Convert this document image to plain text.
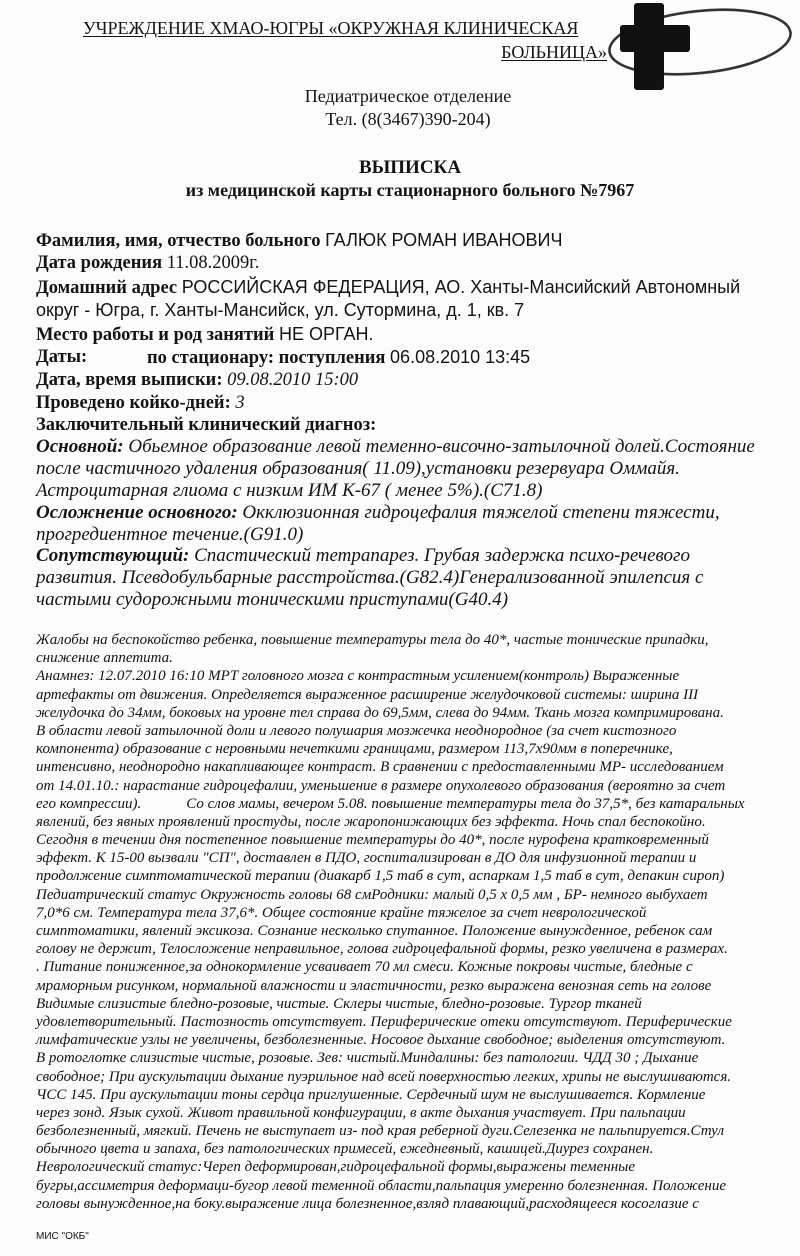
УЧРЕЖДЕНИЕ ХМАО-ЮГРЫ «ОКРУЖНАЯ КЛИНИЧЕСКАЯ
БОЛЬНИЦА»
Педиатрическое отделение
Тел. (8(3467)390-204)
ВЫПИСКА
из медицинской карты стационарного больного №7967
Фамилия, имя, отчество больного ГАЛЮК РОМАН ИВАНОВИЧ
Дата рождения 11.08.2009г.
Домашний адрес РОССИЙСКАЯ ФЕДЕРАЦИЯ, АО. Ханты-Мансийский Автономный
округ - Югра, г. Ханты-Мансийск, ул. Сутормина, д. 1, кв. 7
Место работы и род занятий НЕ ОРГАН.
Даты:	по стационару: поступления 06.08.2010 13:45
Дата, время выписки: 09.08.2010 15:00
Проведено койко-дней: 3
Заключительный клинический диагноз:
Основной: Обьемное образование левой теменно-височно-затылочной долей.Состояние
после частичного удаления образования( 11.09),установки резервуара Оммайя.
Астроцитарная глиома с низким ИМ К-67 ( менее 5%).(C71.8)
Осложнение основного: Окклюзионная гидроцефалия тяжелой степени тяжести,
прогредиентное течение.(G91.0)
Сопутствующий: Спастический тетрапарез. Грубая задержка психо-речевого
развития. Псевдобульбарные расстройства.(G82.4)Генерализованной эпилепсия с
частыми судорожными тоническими приступами(G40.4)
Жалобы на беспокойство ребенка, повышение температуры тела до 40*, частые тонические припадки,
снижение аппетита.
Анамнез: 12.07.2010 16:10 МРТ головного мозга с контрастным усилением(контроль) Выраженные
артефакты от движения. Определяется выраженное расширение желудочковой системы: ширина III
желудочка до 34мм, боковых на уровне тел справа до 69,5мм, слева до 94мм. Ткань мозга компримирована.
В области левой затылочной доли и левого полушария мозжечка неоднородное (за счет кистозного
компонента) образование с неровными нечеткими границами, размером 113,7x90мм в поперечнике,
интенсивно, неоднородно накапливающее контраст. В сравнении с предоставленными МР- исследованием
от 14.01.10.: нарастание гидроцефалии, уменьшение в размере опухолевого образования (вероятно за счет
его компрессии).            Со слов мамы, вечером 5.08. повышение температуры тела до 37,5*, без катаральных
явлений, без явных проявлений простуды, после жаропонижающих без эффекта. Ночь спал беспокойно.
Сегодня в течении дня постепенное повышение температуры до 40*, после нурофена кратковременный
эффект. К 15-00 вызвали "СП", доставлен в ПДО, госпитализирован в ДО для инфузионной терапии и
продолжение симптоматической терапии (диакарб 1,5 таб в сут, аспаркам 1,5 таб в сут, депакин сироп)
Педиатрический статус Окружность головы 68 смРодники: малый 0,5 х 0,5 мм , БР- немного выбухает
7,0*6 см. Температура тела 37,6*. Общее состояние крайне тяжелое за счет неврологической
симптоматики, явлений эксикоза. Сознание несколько спутанное. Положение вынужденное, ребенок сам
голову не держит, Телосложение неправильное, голова гидроцефальной формы, резко увеличена в размерах.
. Питание пониженное,за однокормление усваивает 70 мл смеси. Кожные покровы чистые, бледные с
мраморным рисунком, нормальной влажности и эластичности, резко выражена венозная сеть на голове
Видимые слизистые бледно-розовые, чистые. Склеры чистые, бледно-розовые. Тургор тканей
удовлетворительный. Пастозность отсутствует. Периферические отеки отсутствуют. Периферические
лимфатические узлы не увеличены, безболезненные. Носовое дыхание свободное; выделения отсутствуют.
В ротоглотке слизистые чистые, розовые. Зев: чистый.Миндалины: без патологии. ЧДД 30 ; Дыхание
свободное; При аускультации дыхание пуэрильное над всей поверхностью легких, хрипы не выслушиваются.
ЧСС 145. При аускультации тоны сердца приглушенные. Сердечный шум не выслушивается. Кормление
через зонд. Язык сухой. Живот правильной конфигурации, в акте дыхания участвует. При пальпации
безболезненный, мягкий. Печень не выступает из- под края реберной дуги.Селезенка не пальпируется.Стул
обычного цвета и запаха, без патологических примесей, ежедневный, кашицей.Диурез сохранен.
Неврологический статус:Череп деформирован,гидроцефальной формы,выражены теменные
бугры,ассиметрия деформаци-бугор левой теменной области,пальпация умеренно болезненная. Положение
головы вынужденное,на боку.выражение лица болезненное,взляд плавающий,расходящееся косоглазие с
МИС "ОКБ"
